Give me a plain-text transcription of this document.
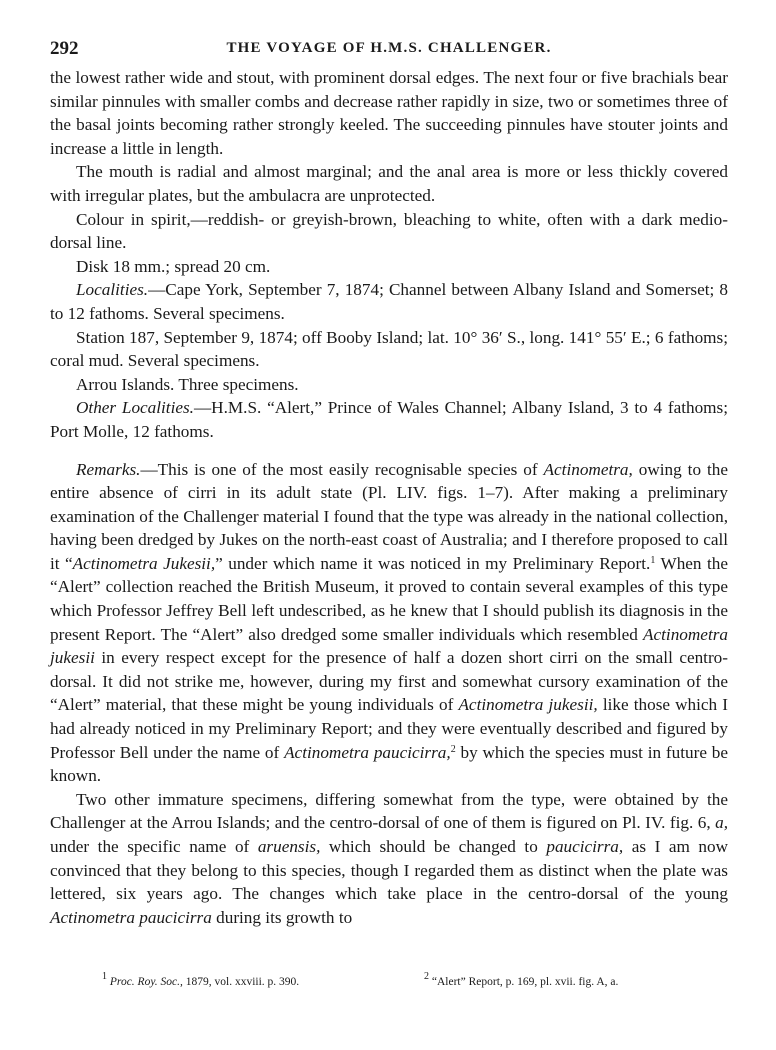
292	THE VOYAGE OF H.M.S. CHALLENGER.

the lowest rather wide and stout, with prominent dorsal edges. The next four or five brachials bear similar pinnules with smaller combs and decrease rather rapidly in size, two or sometimes three of the basal joints becoming rather strongly keeled. The succeeding pinnules have stouter joints and increase a little in length.

The mouth is radial and almost marginal; and the anal area is more or less thickly covered with irregular plates, but the ambulacra are unprotected.

Colour in spirit,—reddish- or greyish-brown, bleaching to white, often with a dark medio-dorsal line.

Disk 18 mm.; spread 20 cm.

Localities.—Cape York, September 7, 1874; Channel between Albany Island and Somerset; 8 to 12 fathoms. Several specimens.

Station 187, September 9, 1874; off Booby Island; lat. 10° 36′ S., long. 141° 55′ E.; 6 fathoms; coral mud. Several specimens.

Arrou Islands. Three specimens.

Other Localities.—H.M.S. “Alert,” Prince of Wales Channel; Albany Island, 3 to 4 fathoms; Port Molle, 12 fathoms.

Remarks.—This is one of the most easily recognisable species of Actinometra, owing to the entire absence of cirri in its adult state (Pl. LIV. figs. 1–7). After making a preliminary examination of the Challenger material I found that the type was already in the national collection, having been dredged by Jukes on the north-east coast of Australia; and I therefore proposed to call it “Actinometra Jukesii,” under which name it was noticed in my Preliminary Report.$^1$ When the “Alert” collection reached the British Museum, it proved to contain several examples of this type which Professor Jeffrey Bell left undescribed, as he knew that I should publish its diagnosis in the present Report. The “Alert” also dredged some smaller individuals which resembled Actinometra jukesii in every respect except for the presence of half a dozen short cirri on the small centro-dorsal. It did not strike me, however, during my first and somewhat cursory examination of the “Alert” material, that these might be young individuals of Actinometra jukesii, like those which I had already noticed in my Preliminary Report; and they were eventually described and figured by Professor Bell under the name of Actinometra paucicirra,$^2$ by which the species must in future be known.

Two other immature specimens, differing somewhat from the type, were obtained by the Challenger at the Arrou Islands; and the centro-dorsal of one of them is figured on Pl. IV. fig. 6, a, under the specific name of aruensis, which should be changed to paucicirra, as I am now convinced that they belong to this species, though I regarded them as distinct when the plate was lettered, six years ago. The changes which take place in the centro-dorsal of the young Actinometra paucicirra during its growth to

$^1$ Proc. Roy. Soc., 1879, vol. xxviii. p. 390.	$^2$ “Alert” Report, p. 169, pl. xvii. fig. A, a.
